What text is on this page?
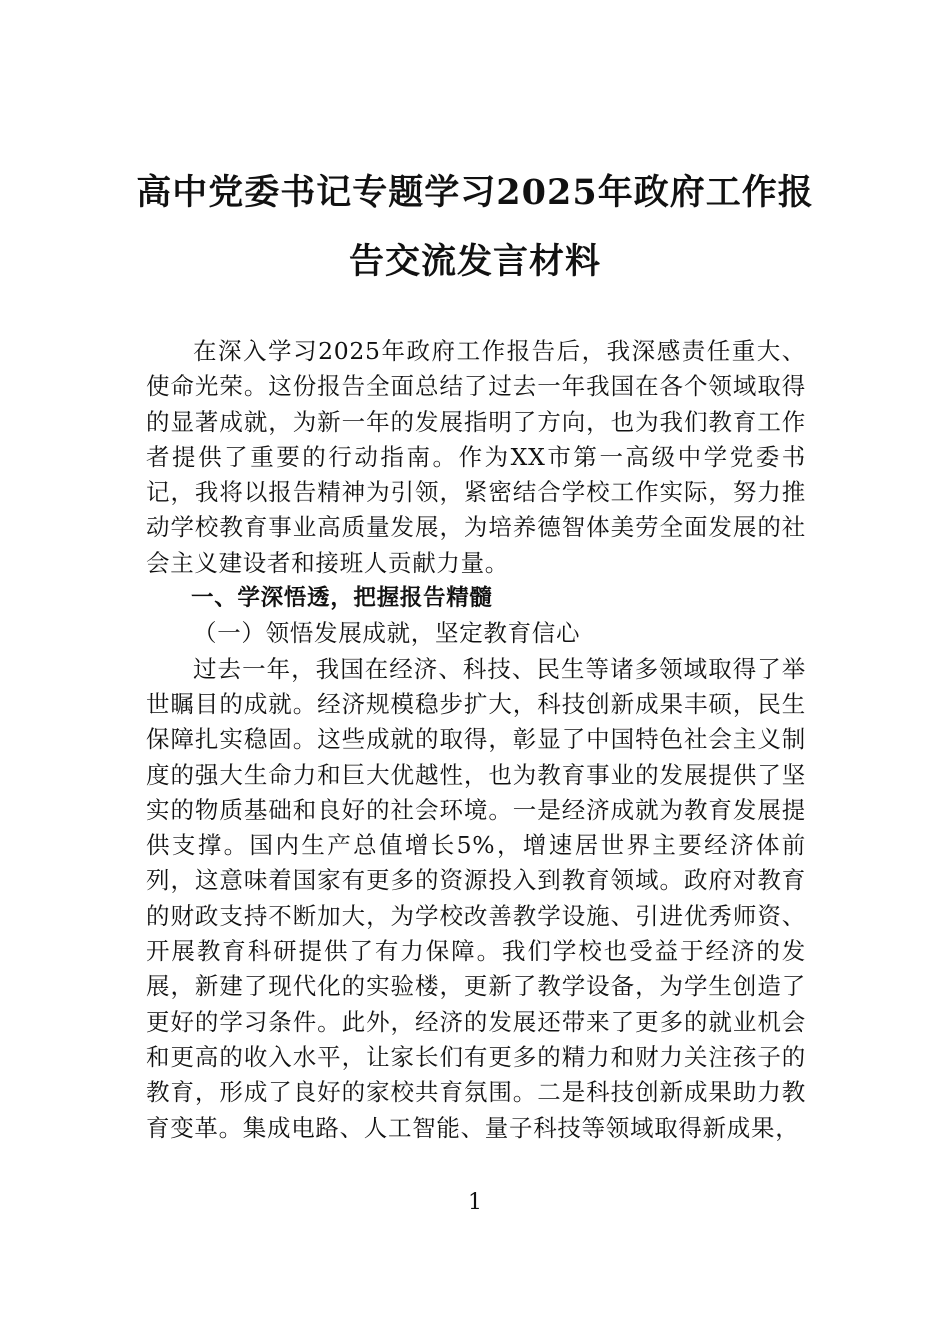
高中党委书记专题学习2025年政府工作报
告交流发言材料

在深入学习2025年政府工作报告后，我深感责任重大、使命光荣。这份报告全面总结了过去一年我国在各个领域取得的显著成就，为新一年的发展指明了方向，也为我们教育工作者提供了重要的行动指南。作为XX市第一高级中学党委书记，我将以报告精神为引领，紧密结合学校工作实际，努力推动学校教育事业高质量发展，为培养德智体美劳全面发展的社会主义建设者和接班人贡献力量。

一、学深悟透，把握报告精髓

（一）领悟发展成就，坚定教育信心

过去一年，我国在经济、科技、民生等诸多领域取得了举世瞩目的成就。经济规模稳步扩大，科技创新成果丰硕，民生保障扎实稳固。这些成就的取得，彰显了中国特色社会主义制度的强大生命力和巨大优越性，也为教育事业的发展提供了坚实的物质基础和良好的社会环境。一是经济成就为教育发展提供支撑。国内生产总值增长5%，增速居世界主要经济体前列，这意味着国家有更多的资源投入到教育领域。政府对教育的财政支持不断加大，为学校改善教学设施、引进优秀师资、开展教育科研提供了有力保障。我们学校也受益于经济的发展，新建了现代化的实验楼，更新了教学设备，为学生创造了更好的学习条件。此外，经济的发展还带来了更多的就业机会和更高的收入水平，让家长们有更多的精力和财力关注孩子的教育，形成了良好的家校共育氛围。二是科技创新成果助力教育变革。集成电路、人工智能、量子科技等领域取得新成果，

1
